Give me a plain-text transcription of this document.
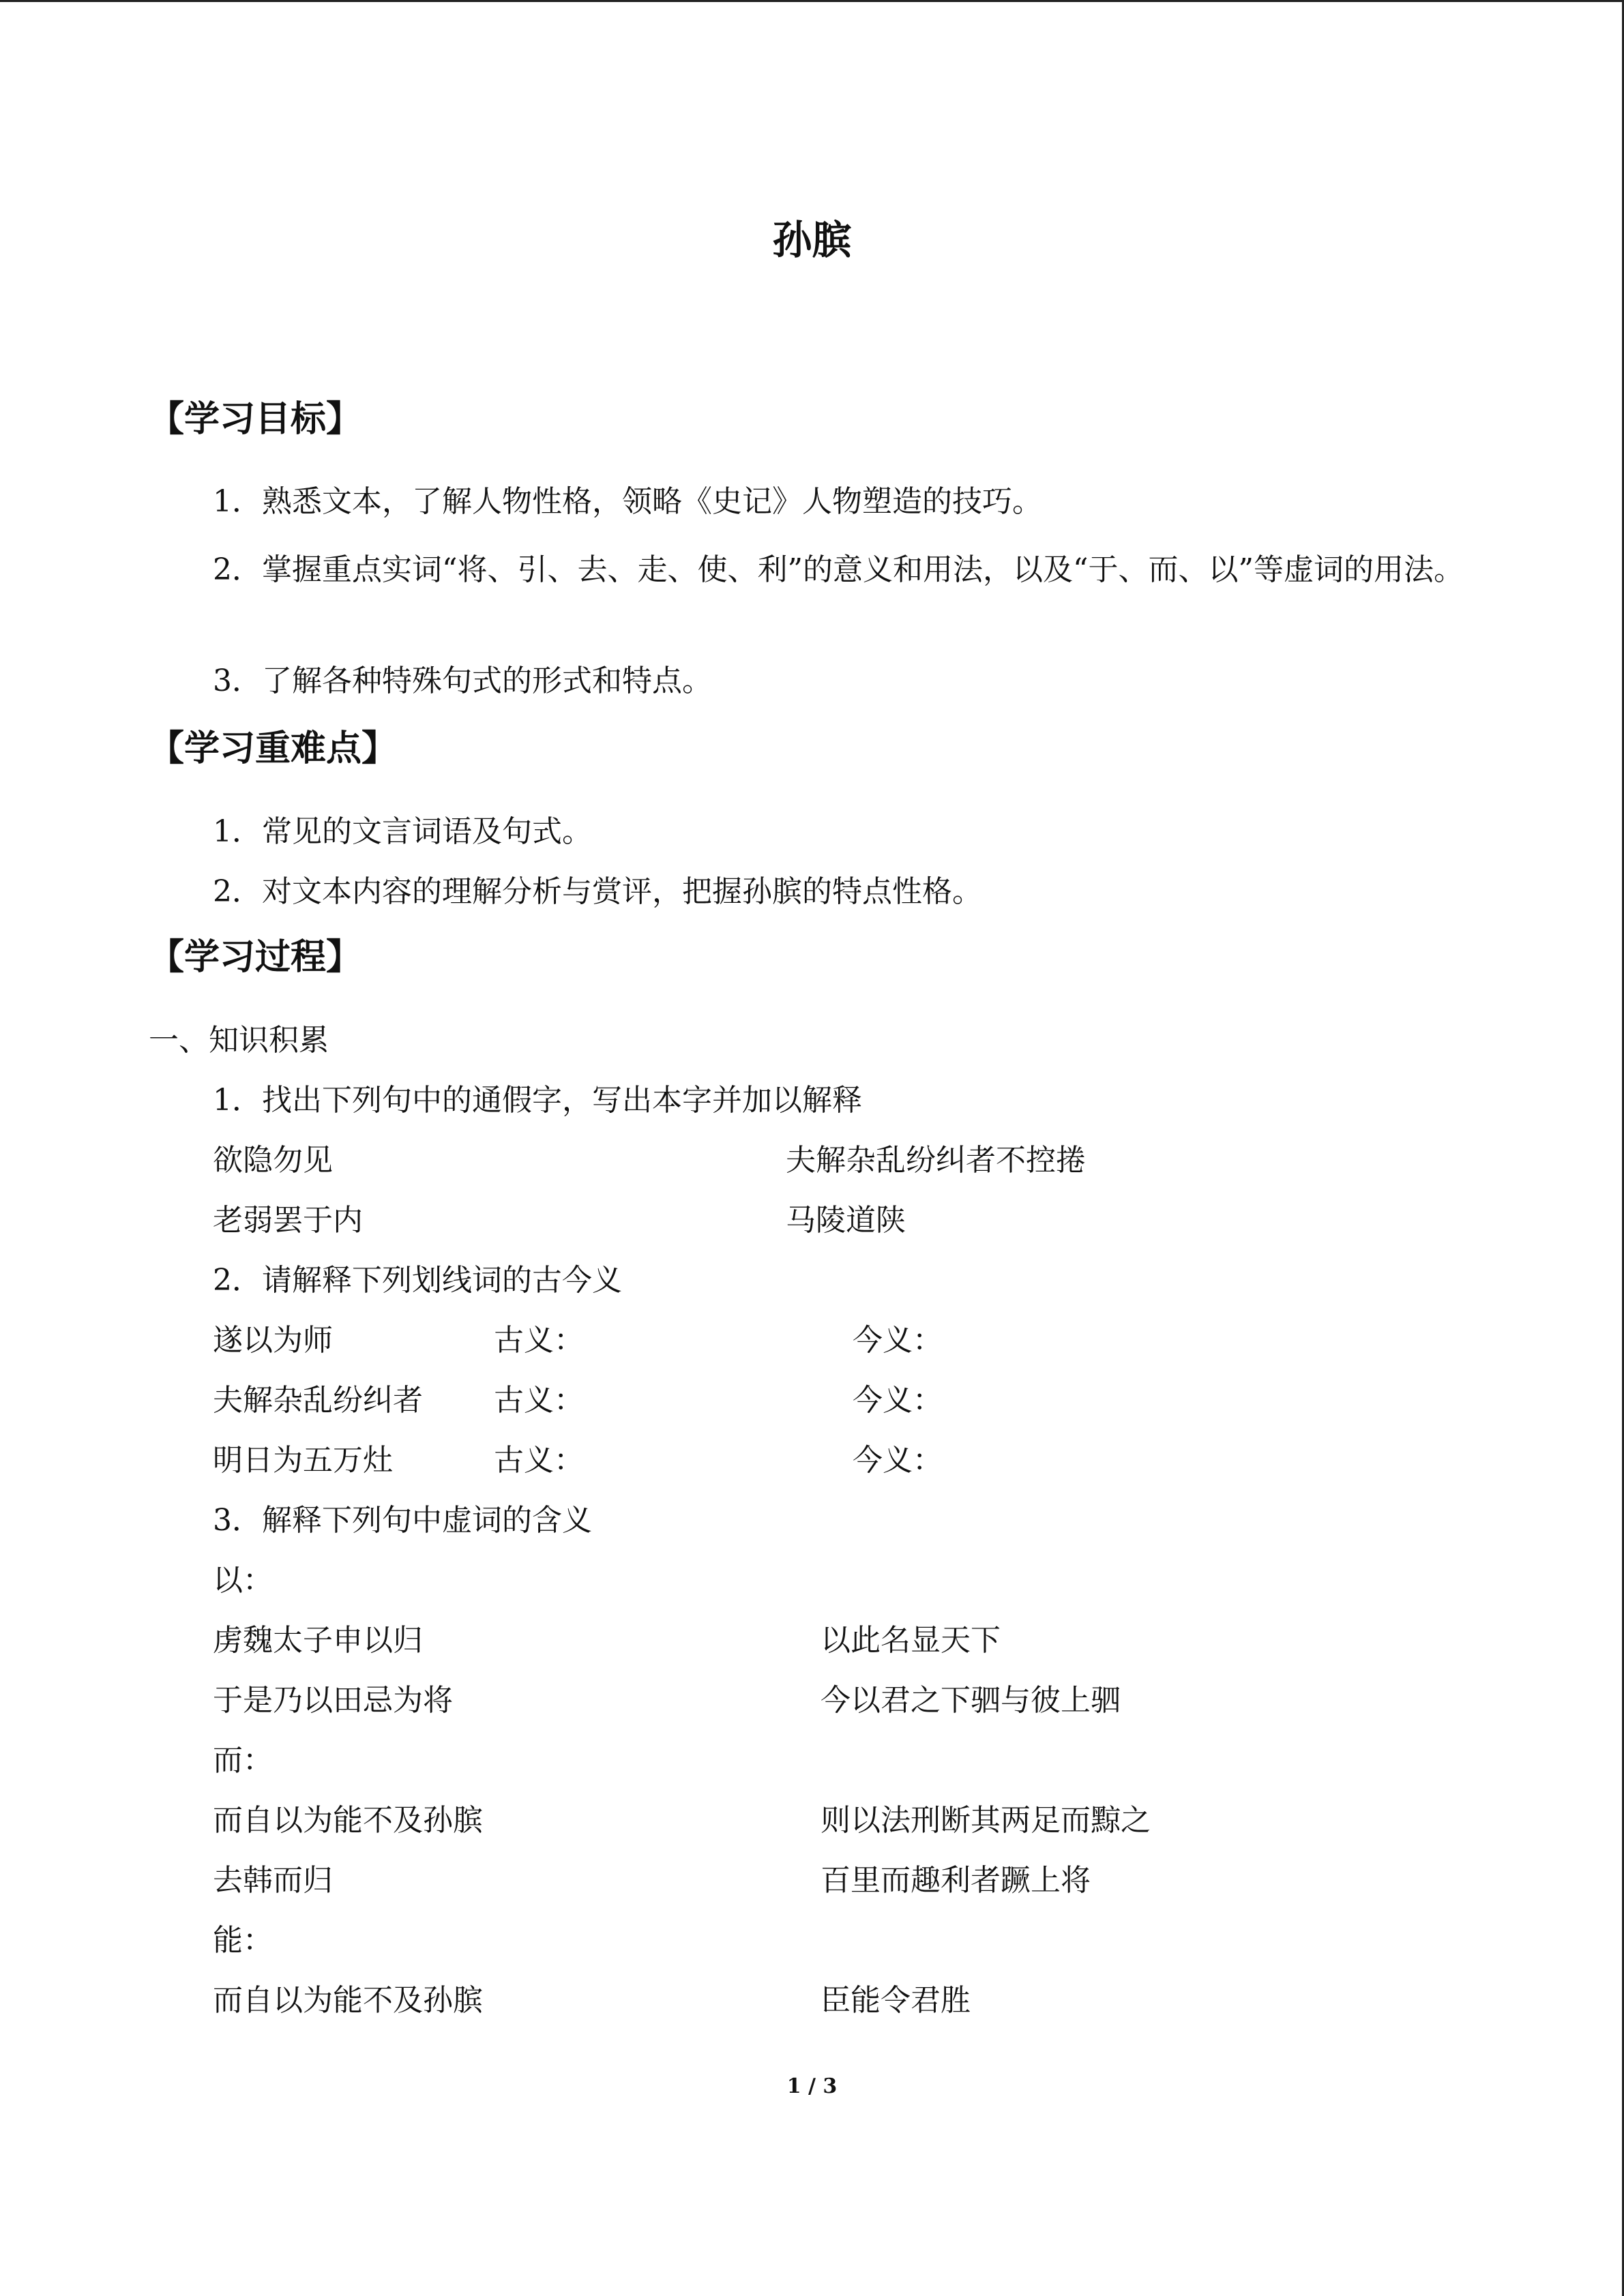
孙膑
【学习目标】
1．熟悉文本，了解人物性格，领略《史记》人物塑造的技巧。
2．掌握重点实词“将、引、去、走、使、利”的意义和用法，以及“于、而、以”等虚词的用法。
3．了解各种特殊句式的形式和特点。
【学习重难点】
1．常见的文言词语及句式。
2．对文本内容的理解分析与赏评，把握孙膑的特点性格。
【学习过程】
一、知识积累
1．找出下列句中的通假字，写出本字并加以解释
欲隐勿见	夫解杂乱纷纠者不控捲
老弱罢于内	马陵道陕
2．请解释下列划线词的古今义
遂以为师	古义：	今义：
夫解杂乱纷纠者 古义：	今义：
明日为五万灶	古义：	今义：
3．解释下列句中虚词的含义
以：
虏魏太子申以归	以此名显天下
于是乃以田忌为将	今以君之下驷与彼上驷
而：
而自以为能不及孙膑	则以法刑断其两足而黥之
去韩而归	百里而趣利者蹶上将
能：
而自以为能不及孙膑	臣能令君胜
1 / 3
